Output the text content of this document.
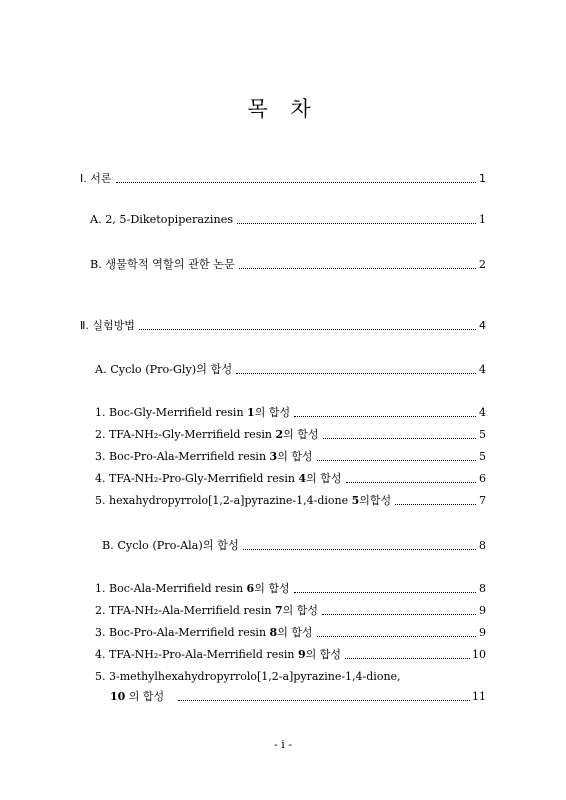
목 차
Ⅰ. 서론	1
A. 2, 5-Diketopiperazines	1
B. 생물학적 역할의 관한 논문	2
Ⅱ. 실험방법	4
A. Cyclo (Pro-Gly)의 합성	4
1. Boc-Gly-Merrifield resin 1의 합성	4
2. TFA-NH₂-Gly-Merrifield resin 2의 합성	5
3. Boc-Pro-Ala-Merrifield resin 3의 합성	5
4. TFA-NH₂-Pro-Gly-Merrifield resin 4의 합성	6
5. hexahydropyrrolo[1,2-a]pyrazine-1,4-dione 5의합성	7
B. Cyclo (Pro-Ala)의 합성	8
1. Boc-Ala-Merrifield resin 6의 합성	8
2. TFA-NH₂-Ala-Merrifield resin 7의 합성	9
3. Boc-Pro-Ala-Merrifield resin 8의 합성	9
4. TFA-NH₂-Pro-Ala-Merrifield resin 9의 합성	10
5. 3-methylhexahydropyrrolo[1,2-a]pyrazine-1,4-dione,
10 의 합성	11
- i -
